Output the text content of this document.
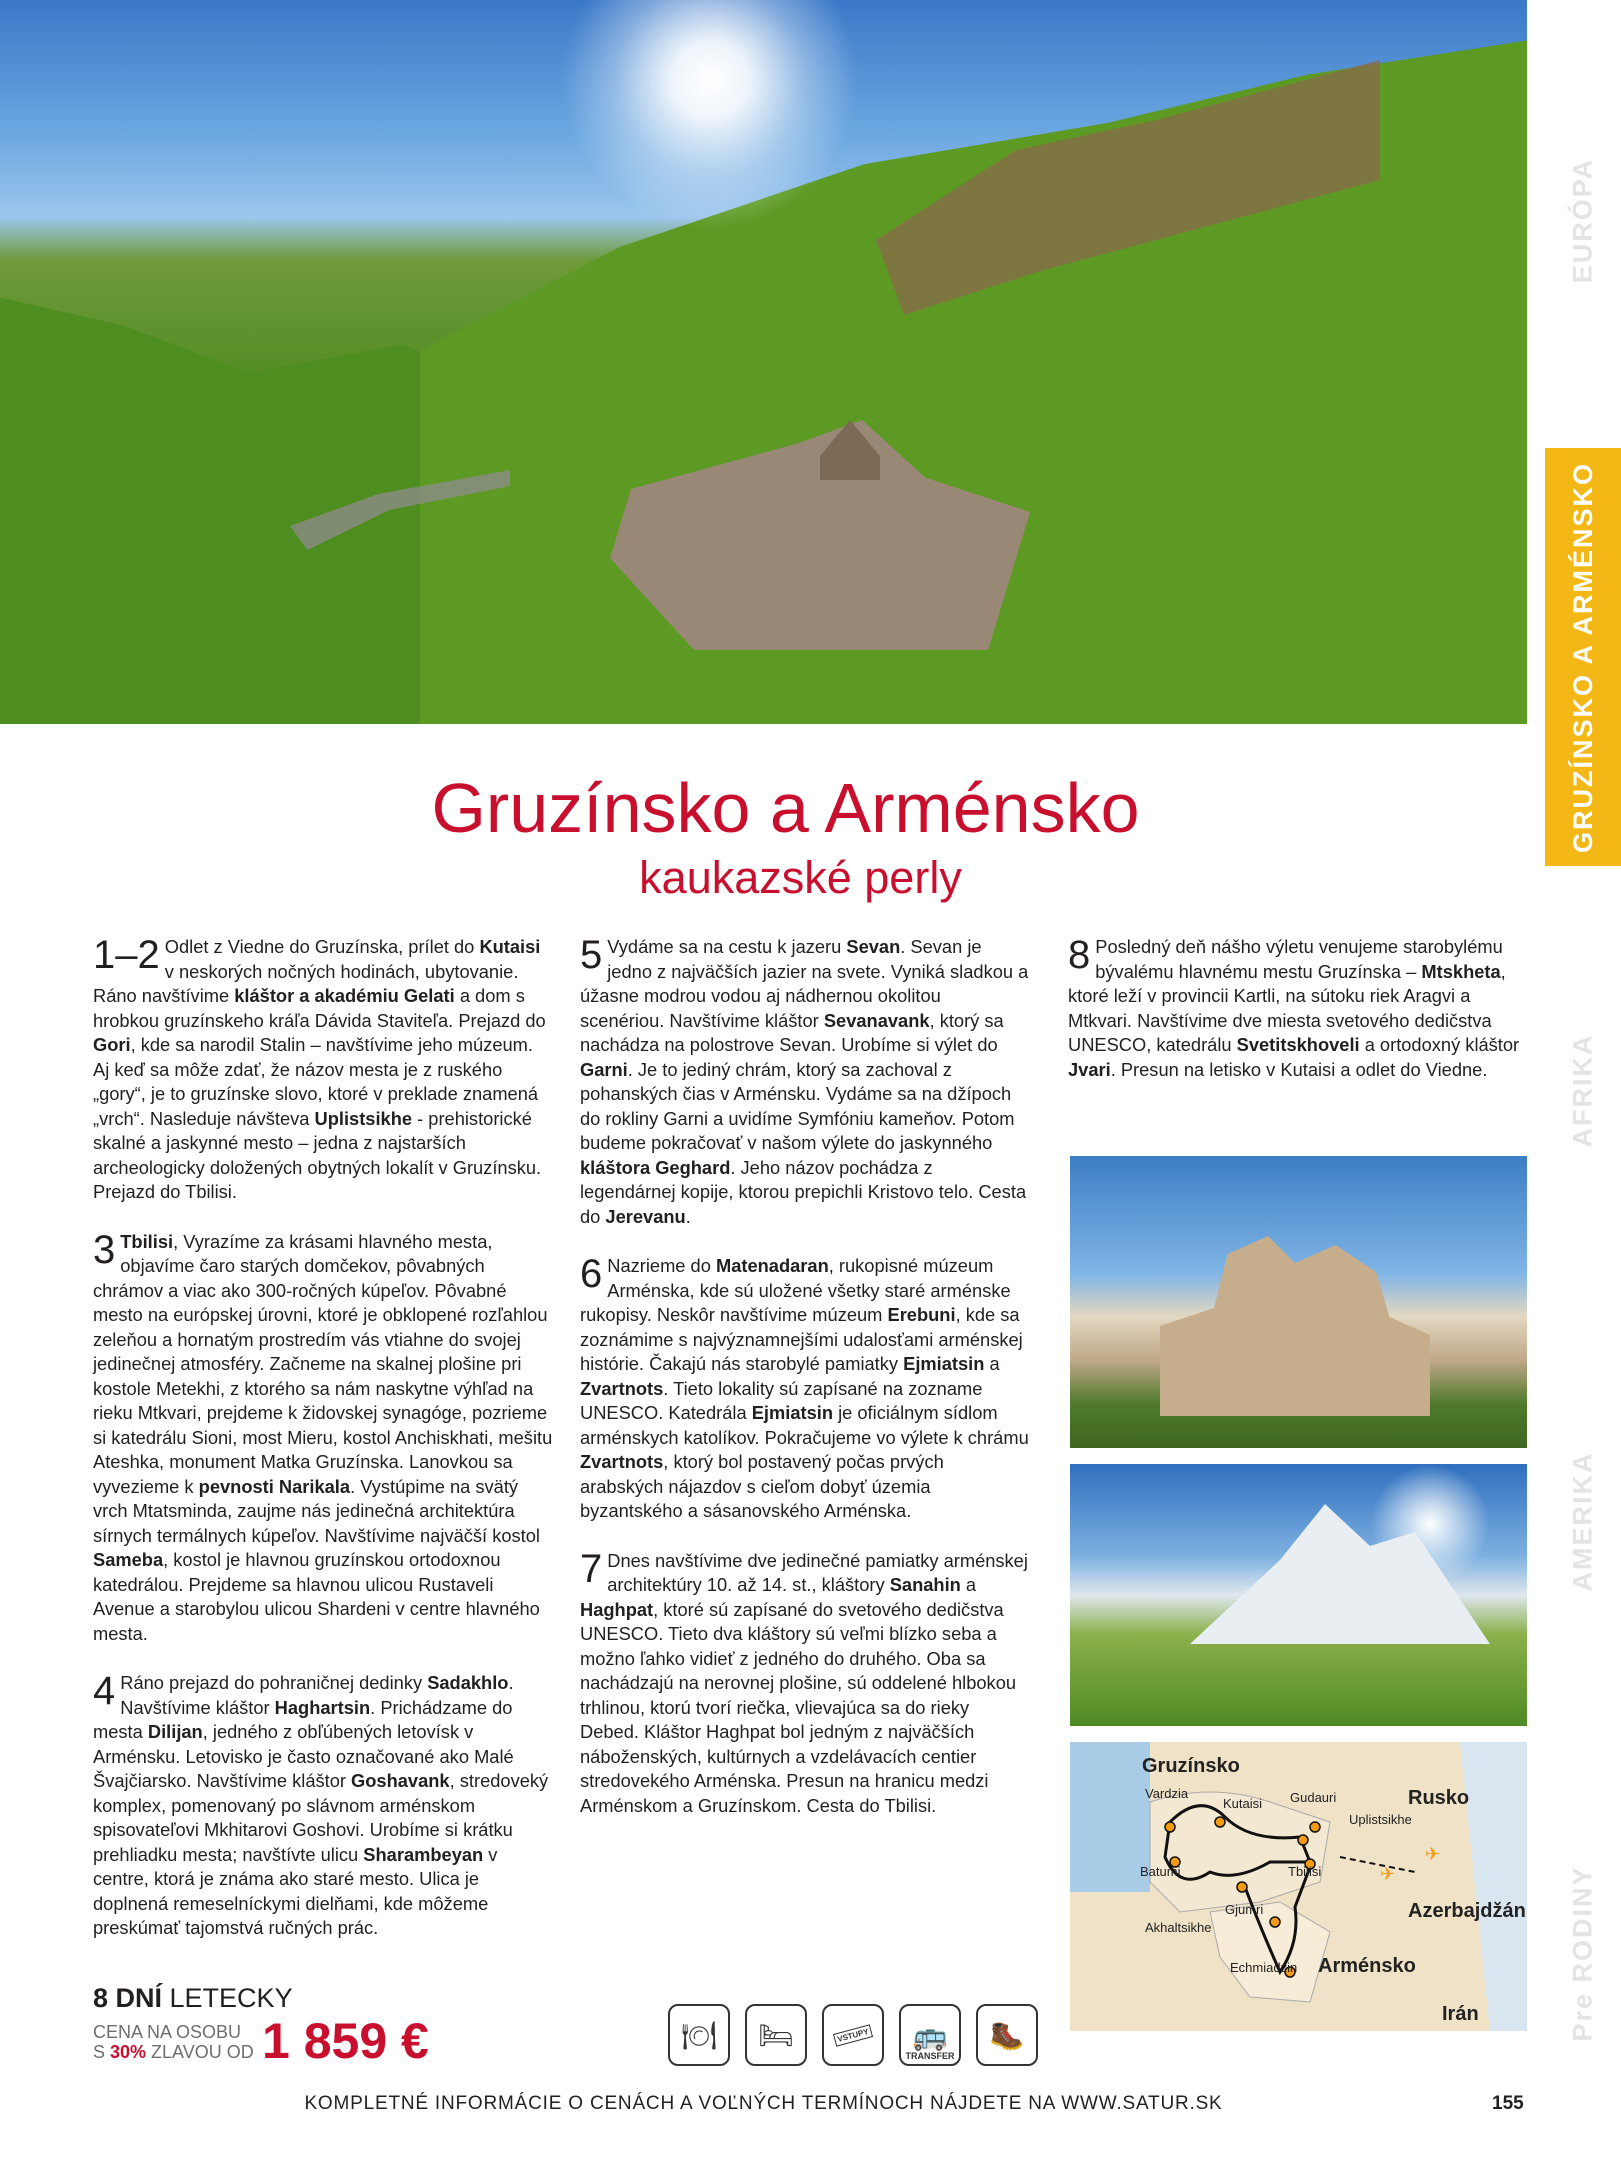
EURÓPA
GRUZÍNSKO A ARMÉNSKO
AFRIKA
AMERIKA
Pre RODINY
Gruzínsko a Arménsko
kaukazské perly

1–2 Odlet z Viedne do Gruzínska, prílet do Kutaisi v neskorých nočných hodinách, ubytovanie. Ráno navštívime kláštor a akadémiu Gelati a dom s hrobkou gruzínskeho kráľa Dávida Staviteľa. Prejazd do Gori, kde sa narodil Stalin – navštívime jeho múzeum. Aj keď sa môže zdať, že názov mesta je z ruského „gory“, je to gruzínske slovo, ktoré v preklade znamená „vrch“. Nasleduje návšteva Uplistsikhe - prehistorické skalné a jaskynné mesto – jedna z najstarších archeologicky doložených obytných lokalít v Gruzínsku. Prejazd do Tbilisi.

3 Tbilisi, Vyrazíme za krásami hlavného mesta, objavíme čaro starých domčekov, pôvabných chrámov a viac ako 300-ročných kúpeľov. Pôvabné mesto na európskej úrovni, ktoré je obklopené rozľahlou zeleňou a hornatým prostredím vás vtiahne do svojej jedinečnej atmosféry. Začneme na skalnej plošine pri kostole Metekhi, z ktorého sa nám naskytne výhľad na rieku Mtkvari, prejdeme k židovskej synagóge, pozrieme si katedrálu Sioni, most Mieru, kostol Anchiskhati, mešitu Ateshka, monument Matka Gruzínska. Lanovkou sa vyvezieme k pevnosti Narikala. Vystúpime na svätý vrch Mtatsminda, zaujme nás jedinečná architektúra sírnych termálnych kúpeľov. Navštívime najväčší kostol Sameba, kostol je hlavnou gruzínskou ortodoxnou katedrálou. Prejdeme sa hlavnou ulicou Rustaveli Avenue a starobylou ulicou Shardeni v centre hlavného mesta.

4 Ráno prejazd do pohraničnej dedinky Sadakhlo. Navštívime kláštor Haghartsin. Prichádzame do mesta Dilijan, jedného z obľúbených letovísk v Arménsku. Letovisko je často označované ako Malé Švajčiarsko. Navštívime kláštor Goshavank, stredoveký komplex, pomenovaný po slávnom arménskom spisovateľovi Mkhitarovi Goshovi. Urobíme si krátku prehliadku mesta; navštívte ulicu Sharambeyan v centre, ktorá je známa ako staré mesto. Ulica je doplnená remeselníckymi dielňami, kde môžeme preskúmať tajomstvá ručných prác.

5 Vydáme sa na cestu k jazeru Sevan. Sevan je jedno z najväčších jazier na svete. Vyniká sladkou a úžasne modrou vodou aj nádhernou okolitou scenériou. Navštívime kláštor Sevanavank, ktorý sa nachádza na polostrove Sevan. Urobíme si výlet do Garni. Je to jediný chrám, ktorý sa zachoval z pohanských čias v Arménsku. Vydáme sa na džípoch do rokliny Garni a uvidíme Symfóniu kameňov. Potom budeme pokračovať v našom výlete do jaskynného kláštora Geghard. Jeho názov pochádza z legendárnej kopije, ktorou prepichli Kristovo telo. Cesta do Jerevanu.

6 Nazrieme do Matenadaran, rukopisné múzeum Arménska, kde sú uložené všetky staré arménske rukopisy. Neskôr navštívime múzeum Erebuni, kde sa zoznámime s najvýznamnejšími udalosťami arménskej histórie. Čakajú nás starobylé pamiatky Ejmiatsin a Zvartnots. Tieto lokality sú zapísané na zozname UNESCO. Katedrála Ejmiatsin je oficiálnym sídlom arménskych katolíkov. Pokračujeme vo výlete k chrámu Zvartnots, ktorý bol postavený počas prvých arabských nájazdov s cieľom dobyť územia byzantského a sásanovského Arménska.

7 Dnes navštívime dve jedinečné pamiatky arménskej architektúry 10. až 14. st., kláštory Sanahin a Haghpat, ktoré sú zapísané do svetového dedičstva UNESCO. Tieto dva kláštory sú veľmi blízko seba a možno ľahko vidieť z jedného do druhého. Oba sa nachádzajú na nerovnej plošine, sú oddelené hlbokou trhlinou, ktorú tvorí riečka, vlievajúca sa do rieky Debed. Kláštor Haghpat bol jedným z najväčších náboženských, kultúrnych a vzdelávacích centier stredovekého Arménska. Presun na hranicu medzi Arménskom a Gruzínskom. Cesta do Tbilisi.

8 Posledný deň nášho výletu venujeme starobylému bývalému hlavnému mestu Gruzínska – Mtskheta, ktoré leží v provincii Kartli, na sútoku riek Aragvi a Mtkvari. Navštívime dve miesta svetového dedičstva UNESCO, katedrálu Svetitskhoveli a ortodoxný kláštor Jvari. Presun na letisko v Kutaisi a odlet do Viedne.

✈
✈
Vardzia
Kutaisi Gudauri
Uplistsikhe
Batumi	Tbilisi
Gjumri
Akhaltsikhe
Echmiadzin
Gruzínsko
Rusko
Azerbajdžán
Arménsko
Irán
8 DNÍ LETECKY
CENA NA OSOBU
S 30% ZLAVOU OD 1 859 €	🍽	🛏	VSTUPY	🚌
TRANSFER
🥾
KOMPLETNÉ INFORMÁCIE O CENÁCH A VOĽNÝCH TERMÍNOCH NÁJDETE NA WWW.SATUR.SK	155
